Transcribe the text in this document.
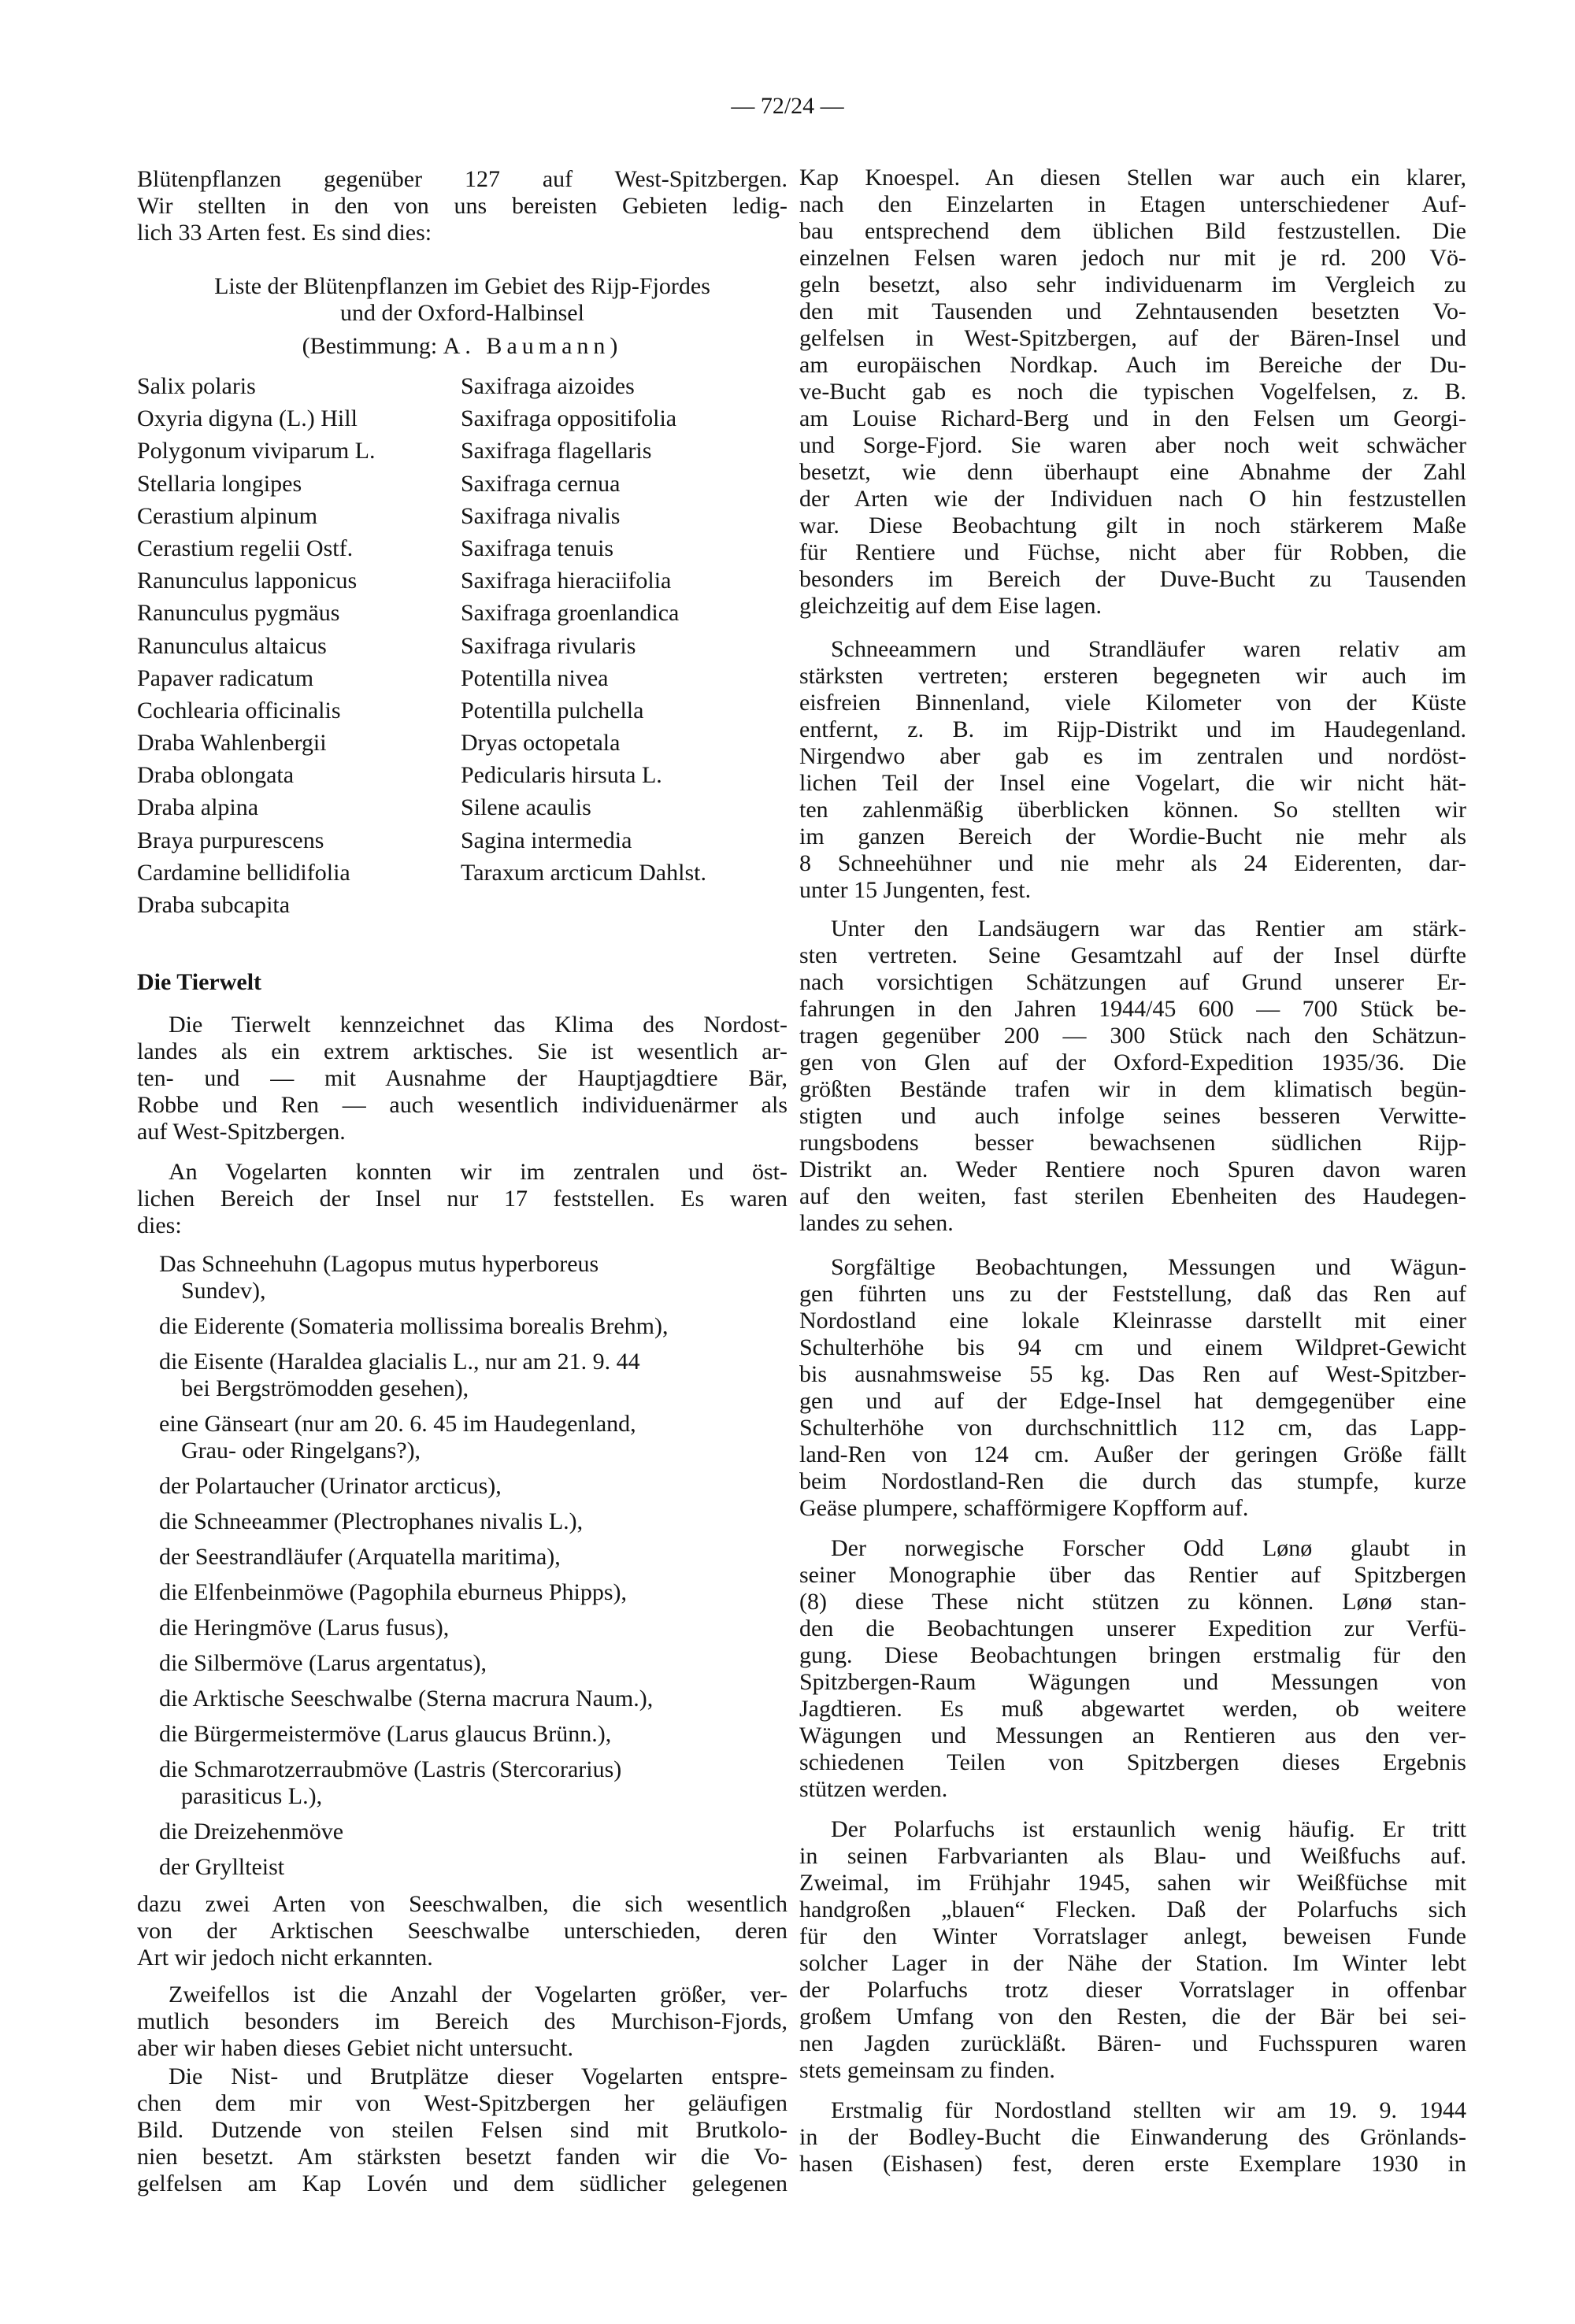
— 72/24 —
Blütenpflanzen gegenüber 127 auf West-Spitzbergen.
Wir stellten in den von uns bereisten Gebieten ledig-
lich 33 Arten fest. Es sind dies:
Liste der Blütenpflanzen im Gebiet des Rijp-Fjordes
und der Oxford-Halbinsel
(Bestimmung: A. Baumann)
Salix polaris
Oxyria digyna (L.) Hill
Polygonum viviparum L.
Stellaria longipes
Cerastium alpinum
Cerastium regelii Ostf.
Ranunculus lapponicus
Ranunculus pygmäus
Ranunculus altaicus
Papaver radicatum
Cochlearia officinalis
Draba Wahlenbergii
Draba oblongata
Draba alpina
Braya purpurescens
Cardamine bellidifolia
Draba subcapita
Saxifraga aizoides
Saxifraga oppositifolia
Saxifraga flagellaris
Saxifraga cernua
Saxifraga nivalis
Saxifraga tenuis
Saxifraga hieraciifolia
Saxifraga groenlandica
Saxifraga rivularis
Potentilla nivea
Potentilla pulchella
Dryas octopetala
Pedicularis hirsuta L.
Silene acaulis
Sagina intermedia
Taraxum arcticum Dahlst.
Die Tierwelt
Die Tierwelt kennzeichnet das Klima des Nordost-
landes als ein extrem arktisches. Sie ist wesentlich ar-
ten- und — mit Ausnahme der Hauptjagdtiere Bär,
Robbe und Ren — auch wesentlich individuenärmer als
auf West-Spitzbergen.
An Vogelarten konnten wir im zentralen und öst-
lichen Bereich der Insel nur 17 feststellen. Es waren
dies:
Das Schneehuhn (Lagopus mutus hyperboreus
Sundev),
die Eiderente (Somateria mollissima borealis Brehm),
die Eisente (Haraldea glacialis L., nur am 21. 9. 44
bei Bergströmodden gesehen),
eine Gänseart (nur am 20. 6. 45 im Haudegenland,
Grau- oder Ringelgans?),
der Polartaucher (Urinator arcticus),
die Schneeammer (Plectrophanes nivalis L.),
der Seestrandläufer (Arquatella maritima),
die Elfenbeinmöwe (Pagophila eburneus Phipps),
die Heringmöve (Larus fusus),
die Silbermöve (Larus argentatus),
die Arktische Seeschwalbe (Sterna macrura Naum.),
die Bürgermeistermöve (Larus glaucus Brünn.),
die Schmarotzerraubmöve (Lastris (Stercorarius)
parasiticus L.),
die Dreizehenmöve
der Gryllteist
dazu zwei Arten von Seeschwalben, die sich wesentlich
von der Arktischen Seeschwalbe unterschieden, deren
Art wir jedoch nicht erkannten.
Zweifellos ist die Anzahl der Vogelarten größer, ver-
mutlich besonders im Bereich des Murchison-Fjords,
aber wir haben dieses Gebiet nicht untersucht.
Die Nist- und Brutplätze dieser Vogelarten entspre-
chen dem mir von West-Spitzbergen her geläufigen
Bild. Dutzende von steilen Felsen sind mit Brutkolo-
nien besetzt. Am stärksten besetzt fanden wir die Vo-
gelfelsen am Kap Lovén und dem südlicher gelegenen
Kap Knoespel. An diesen Stellen war auch ein klarer,
nach den Einzelarten in Etagen unterschiedener Auf-
bau entsprechend dem üblichen Bild festzustellen. Die
einzelnen Felsen waren jedoch nur mit je rd. 200 Vö-
geln besetzt, also sehr individuenarm im Vergleich zu
den mit Tausenden und Zehntausenden besetzten Vo-
gelfelsen in West-Spitzbergen, auf der Bären-Insel und
am europäischen Nordkap. Auch im Bereiche der Du-
ve-Bucht gab es noch die typischen Vogelfelsen, z. B.
am Louise Richard-Berg und in den Felsen um Georgi-
und Sorge-Fjord. Sie waren aber noch weit schwächer
besetzt, wie denn überhaupt eine Abnahme der Zahl
der Arten wie der Individuen nach O hin festzustellen
war. Diese Beobachtung gilt in noch stärkerem Maße
für Rentiere und Füchse, nicht aber für Robben, die
besonders im Bereich der Duve-Bucht zu Tausenden
gleichzeitig auf dem Eise lagen.
Schneeammern und Strandläufer waren relativ am
stärksten vertreten; ersteren begegneten wir auch im
eisfreien Binnenland, viele Kilometer von der Küste
entfernt, z. B. im Rijp-Distrikt und im Haudegenland.
Nirgendwo aber gab es im zentralen und nordöst-
lichen Teil der Insel eine Vogelart, die wir nicht hät-
ten zahlenmäßig überblicken können. So stellten wir
im ganzen Bereich der Wordie-Bucht nie mehr als
8 Schneehühner und nie mehr als 24 Eiderenten, dar-
unter 15 Jungenten, fest.
Unter den Landsäugern war das Rentier am stärk-
sten vertreten. Seine Gesamtzahl auf der Insel dürfte
nach vorsichtigen Schätzungen auf Grund unserer Er-
fahrungen in den Jahren 1944/45 600 — 700 Stück be-
tragen gegenüber 200 — 300 Stück nach den Schätzun-
gen von Glen auf der Oxford-Expedition 1935/36. Die
größten Bestände trafen wir in dem klimatisch begün-
stigten und auch infolge seines besseren Verwitte-
rungsbodens besser bewachsenen südlichen Rijp-
Distrikt an. Weder Rentiere noch Spuren davon waren
auf den weiten, fast sterilen Ebenheiten des Haudegen-
landes zu sehen.
Sorgfältige Beobachtungen, Messungen und Wägun-
gen führten uns zu der Feststellung, daß das Ren auf
Nordostland eine lokale Kleinrasse darstellt mit einer
Schulterhöhe bis 94 cm und einem Wildpret-Gewicht
bis ausnahmsweise 55 kg. Das Ren auf West-Spitzber-
gen und auf der Edge-Insel hat demgegenüber eine
Schulterhöhe von durchschnittlich 112 cm, das Lapp-
land-Ren von 124 cm. Außer der geringen Größe fällt
beim Nordostland-Ren die durch das stumpfe, kurze
Geäse plumpere, schafförmigere Kopfform auf.
Der norwegische Forscher Odd Lønø glaubt in
seiner Monographie über das Rentier auf Spitzbergen
(8) diese These nicht stützen zu können. Lønø stan-
den die Beobachtungen unserer Expedition zur Verfü-
gung. Diese Beobachtungen bringen erstmalig für den
Spitzbergen-Raum Wägungen und Messungen von
Jagdtieren. Es muß abgewartet werden, ob weitere
Wägungen und Messungen an Rentieren aus den ver-
schiedenen Teilen von Spitzbergen dieses Ergebnis
stützen werden.
Der Polarfuchs ist erstaunlich wenig häufig. Er tritt
in seinen Farbvarianten als Blau- und Weißfuchs auf.
Zweimal, im Frühjahr 1945, sahen wir Weißfüchse mit
handgroßen „blauen“ Flecken. Daß der Polarfuchs sich
für den Winter Vorratslager anlegt, beweisen Funde
solcher Lager in der Nähe der Station. Im Winter lebt
der Polarfuchs trotz dieser Vorratslager in offenbar
großem Umfang von den Resten, die der Bär bei sei-
nen Jagden zurückläßt. Bären- und Fuchsspuren waren
stets gemeinsam zu finden.
Erstmalig für Nordostland stellten wir am 19. 9. 1944
in der Bodley-Bucht die Einwanderung des Grönlands-
hasen (Eishasen) fest, deren erste Exemplare 1930 in
